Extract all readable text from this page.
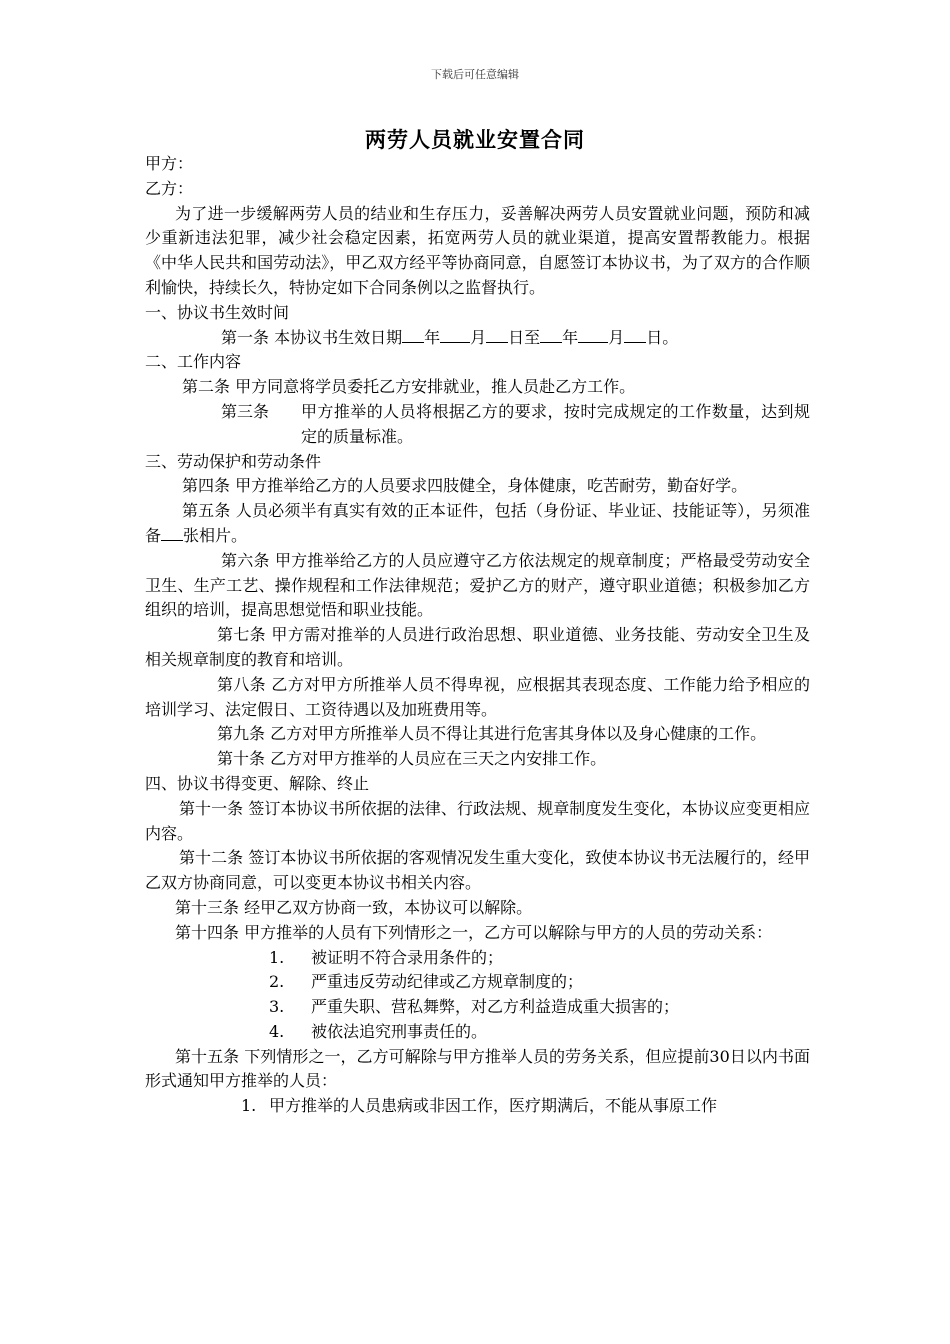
下载后可任意编辑
两劳人员就业安置合同

甲方：

乙方：

为了进一步缓解两劳人员的结业和生存压力，妥善解决两劳人员安置就业问题，预防和减少重新违法犯罪，减少社会稳定因素，拓宽两劳人员的就业渠道，提高安置帮教能力。根据《中华人民共和国劳动法》，甲乙双方经平等协商同意，自愿签订本协议书，为了双方的合作顺利愉快，持续长久，特协定如下合同条例以之监督执行。

一、协议书生效时间

第一条 本协议书生效日期 年 月 日至 年 月 日。

二、工作内容

第二条 甲方同意将学员委托乙方安排就业，推人员赴乙方工作。

第三条	甲方推举的人员将根据乙方的要求，按时完成规定的工作数量，达到规定的质量标准。

三、劳动保护和劳动条件

第四条 甲方推举给乙方的人员要求四肢健全，身体健康，吃苦耐劳，勤奋好学。

第五条 人员必须半有真实有效的正本证件，包括（身份证、毕业证、技能证等），另须准备 张相片。

第六条 甲方推举给乙方的人员应遵守乙方依法规定的规章制度；严格最受劳动安全卫生、生产工艺、操作规程和工作法律规范；爱护乙方的财产，遵守职业道德；积极参加乙方组织的培训，提高思想觉悟和职业技能。

第七条 甲方需对推举的人员进行政治思想、职业道德、业务技能、劳动安全卫生及相关规章制度的教育和培训。

第八条 乙方对甲方所推举人员不得卑视，应根据其表现态度、工作能力给予相应的培训学习、法定假日、工资待遇以及加班费用等。

第九条 乙方对甲方所推举人员不得让其进行危害其身体以及身心健康的工作。

第十条 乙方对甲方推举的人员应在三天之内安排工作。

四、协议书得变更、解除、终止

第十一条 签订本协议书所依据的法律、行政法规、规章制度发生变化，本协议应变更相应内容。

第十二条 签订本协议书所依据的客观情况发生重大变化，致使本协议书无法履行的，经甲乙双方协商同意，可以变更本协议书相关内容。

第十三条 经甲乙双方协商一致，本协议可以解除。

第十四条 甲方推举的人员有下列情形之一，乙方可以解除与甲方的人员的劳动关系：

1.	被证明不符合录用条件的；
2.	严重违反劳动纪律或乙方规章制度的；
3.	严重失职、营私舞弊，对乙方利益造成重大损害的；
4.	被依法追究刑事责任的。

第十五条 下列情形之一，乙方可解除与甲方推举人员的劳务关系，但应提前30日以内书面形式通知甲方推举的人员：

1. 甲方推举的人员患病或非因工作，医疗期满后，不能从事原工作
